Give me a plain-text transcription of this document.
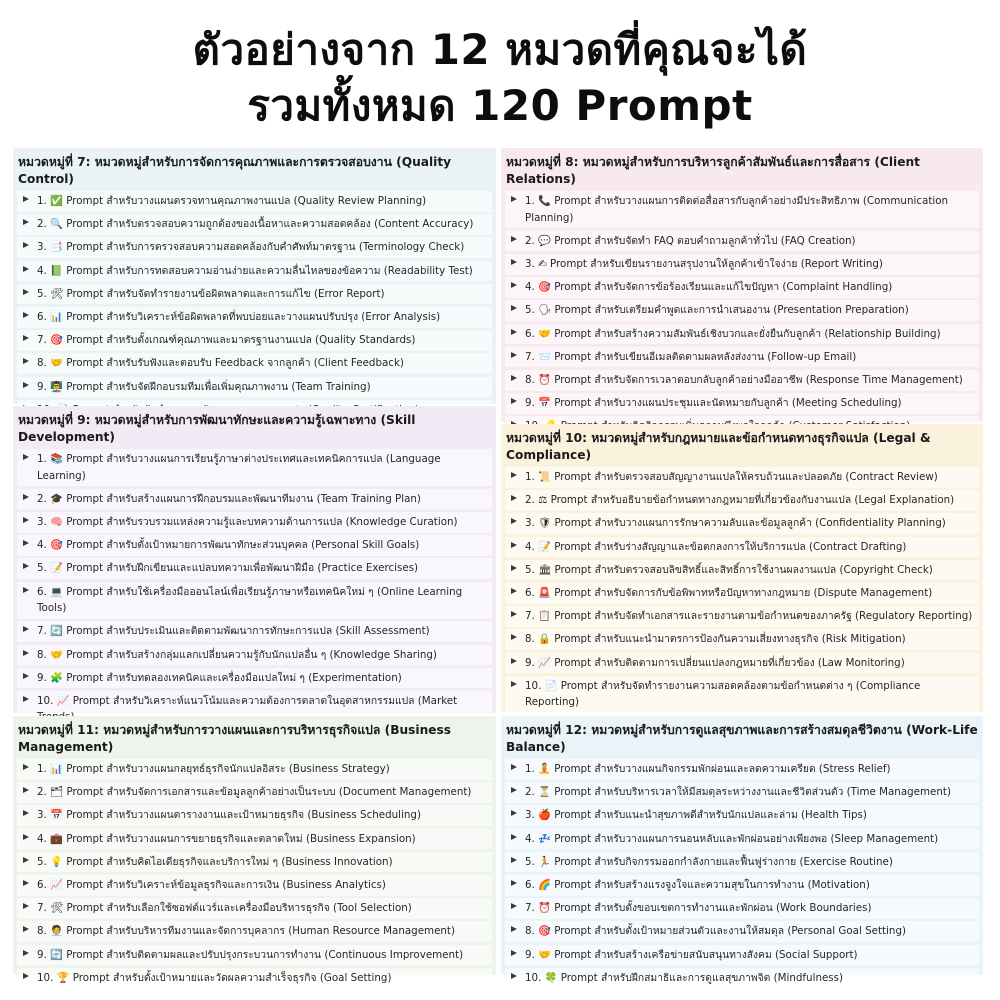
ตัวอย่างจาก 12 หมวดที่คุณจะได้
รวมทั้งหมด 120 Prompt
หมวดหมู่ที่ 7: หมวดหมู่สำหรับการจัดการคุณภาพและการตรวจสอบงาน (Quality Control)
1. ✅ Prompt สำหรับวางแผนตรวจทานคุณภาพงานแปล (Quality Review Planning)
2. 🔍 Prompt สำหรับตรวจสอบความถูกต้องของเนื้อหาและความสอดคล้อง (Content Accuracy)
3. 📑 Prompt สำหรับการตรวจสอบความสอดคล้องกับคำศัพท์มาตรฐาน (Terminology Check)
4. 📗 Prompt สำหรับการทดสอบความอ่านง่ายและความลื่นไหลของข้อความ (Readability Test)
5. 🛠 Prompt สำหรับจัดทำรายงานข้อผิดพลาดและการแก้ไข (Error Report)
6. 📊 Prompt สำหรับวิเคราะห์ข้อผิดพลาดที่พบบ่อยและวางแผนปรับปรุง (Error Analysis)
7. 🎯 Prompt สำหรับตั้งเกณฑ์คุณภาพและมาตรฐานงานแปล (Quality Standards)
8. 🤝 Prompt สำหรับรับฟังและตอบรับ Feedback จากลูกค้า (Client Feedback)
9. 👨‍🏫 Prompt สำหรับจัดฝึกอบรมทีมเพื่อเพิ่มคุณภาพงาน (Team Training)
หมวดหมู่ที่ 8: หมวดหมู่สำหรับการบริหารลูกค้าสัมพันธ์และการสื่อสาร (Client Relations)
1. 📞 Prompt สำหรับวางแผนการติดต่อสื่อสารกับลูกค้าอย่างมีประสิทธิภาพ (Communication Planning)
2. 💬 Prompt สำหรับจัดทำ FAQ ตอบคำถามลูกค้าทั่วไป (FAQ Creation)
3. ✍ Prompt สำหรับเขียนรายงานสรุปงานให้ลูกค้าเข้าใจง่าย (Report Writing)
4. 🎯 Prompt สำหรับจัดการข้อร้องเรียนและแก้ไขปัญหา (Complaint Handling)
5. 🗣 Prompt สำหรับเตรียมคำพูดและการนำเสนองาน (Presentation Preparation)
6. 🤝 Prompt สำหรับสร้างความสัมพันธ์เชิงบวกและยั่งยืนกับลูกค้า (Relationship Building)
7. 📨 Prompt สำหรับเขียนอีเมลติดตามผลหลังส่งงาน (Follow-up Email)
8. ⏰ Prompt สำหรับจัดการเวลาตอบกลับลูกค้าอย่างมืออาชีพ (Response Time Management)
9. 📅 Prompt สำหรับวางแผนประชุมและนัดหมายกับลูกค้า (Meeting Scheduling)
หมวดหมู่ที่ 9: หมวดหมู่สำหรับการพัฒนาทักษะและความรู้เฉพาะทาง (Skill Development)
1. 📚 Prompt สำหรับวางแผนการเรียนรู้ภาษาต่างประเทศและเทคนิคการแปล (Language Learning)
2. 🎓 Prompt สำหรับสร้างแผนการฝึกอบรมและพัฒนาทีมงาน (Team Training Plan)
3. 🧠 Prompt สำหรับรวบรวมแหล่งความรู้และบทความด้านการแปล (Knowledge Curation)
4. 🎯 Prompt สำหรับตั้งเป้าหมายการพัฒนาทักษะส่วนบุคคล (Personal Skill Goals)
5. 📝 Prompt สำหรับฝึกเขียนและแปลบทความเพื่อพัฒนาฝีมือ (Practice Exercises)
6. 💻 Prompt สำหรับใช้เครื่องมือออนไลน์เพื่อเรียนรู้ภาษาหรือเทคนิคใหม่ ๆ (Online Learning Tools)
7. 🔄 Prompt สำหรับประเมินและติดตามพัฒนาการทักษะการแปล (Skill Assessment)
8. 🤝 Prompt สำหรับสร้างกลุ่มแลกเปลี่ยนความรู้กับนักแปลอื่น ๆ (Knowledge Sharing)
9. 🧩 Prompt สำหรับทดลองเทคนิคและเครื่องมือแปลใหม่ ๆ (Experimentation)
10. 📈 Prompt สำหรับวิเคราะห์แนวโน้มและความต้องการตลาดในอุตสาหกรรมแปล (Market
หมวดหมู่ที่ 10: หมวดหมู่สำหรับกฎหมายและข้อกำหนดทางธุรกิจแปล (Legal & Compliance)
1. 📜 Prompt สำหรับตรวจสอบสัญญางานแปลให้ครบถ้วนและปลอดภัย (Contract Review)
2. ⚖ Prompt สำหรับอธิบายข้อกำหนดทางกฎหมายที่เกี่ยวข้องกับงานแปล (Legal Explanation)
3. 🛡 Prompt สำหรับวางแผนการรักษาความลับและข้อมูลลูกค้า (Confidentiality Planning)
4. 📝 Prompt สำหรับร่างสัญญาและข้อตกลงการให้บริการแปล (Contract Drafting)
5. 🏛 Prompt สำหรับตรวจสอบลิขสิทธิ์และสิทธิ์การใช้งานผลงานแปล (Copyright Check)
6. 🚨 Prompt สำหรับจัดการกับข้อพิพาทหรือปัญหาทางกฎหมาย (Dispute Management)
7. 📋 Prompt สำหรับจัดทำเอกสารและรายงานตามข้อกำหนดของภาครัฐ (Regulatory Reporting)
8. 🔒 Prompt สำหรับแนะนำมาตรการป้องกันความเสี่ยงทางธุรกิจ (Risk Mitigation)
9. 📈 Prompt สำหรับติดตามการเปลี่ยนแปลงกฎหมายที่เกี่ยวข้อง (Law Monitoring)
10. 📄 Prompt สำหรับจัดทำรายงานความสอดคล้องตามข้อกำหนดต่าง ๆ (Compliance Reporting)
หมวดหมู่ที่ 11: หมวดหมู่สำหรับการวางแผนและการบริหารธุรกิจแปล (Business Management)
1. 📊 Prompt สำหรับวางแผนกลยุทธ์ธุรกิจนักแปลอิสระ (Business Strategy)
2. 🗂 Prompt สำหรับจัดการเอกสารและข้อมูลลูกค้าอย่างเป็นระบบ (Document Management)
3. 📅 Prompt สำหรับวางแผนตารางงานและเป้าหมายธุรกิจ (Business Scheduling)
4. 💼 Prompt สำหรับวางแผนการขยายธุรกิจและตลาดใหม่ (Business Expansion)
5. 💡 Prompt สำหรับคิดไอเดียธุรกิจและบริการใหม่ ๆ (Business Innovation)
6. 📈 Prompt สำหรับวิเคราะห์ข้อมูลธุรกิจและการเงิน (Business Analytics)
7. 🛠 Prompt สำหรับเลือกใช้ซอฟต์แวร์และเครื่องมือบริหารธุรกิจ (Tool Selection)
8. 🧑‍💼 Prompt สำหรับบริหารทีมงานและจัดการบุคลากร (Human Resource Management)
9. 🔄 Prompt สำหรับติดตามผลและปรับปรุงกระบวนการทำงาน (Continuous Improvement)
10. 🏆 Prompt สำหรับตั้งเป้าหมายและวัดผลความสำเร็จธุรกิจ (Goal Setting)
หมวดหมู่ที่ 12: หมวดหมู่สำหรับการดูแลสุขภาพและการสร้างสมดุลชีวิตงาน (Work-Life Balance)
1. 🧘 Prompt สำหรับวางแผนกิจกรรมพักผ่อนและลดความเครียด (Stress Relief)
2. ⏳ Prompt สำหรับบริหารเวลาให้มีสมดุลระหว่างงานและชีวิตส่วนตัว (Time Management)
3. 🍎 Prompt สำหรับแนะนำสุขภาพดีสำหรับนักแปลและล่าม (Health Tips)
4. 💤 Prompt สำหรับวางแผนการนอนหลับและพักผ่อนอย่างเพียงพอ (Sleep Management)
5. 🏃 Prompt สำหรับกิจกรรมออกกำลังกายและฟื้นฟูร่างกาย (Exercise Routine)
6. 🌈 Prompt สำหรับสร้างแรงจูงใจและความสุขในการทำงาน (Motivation)
7. ⏰ Prompt สำหรับตั้งขอบเขตการทำงานและพักผ่อน (Work Boundaries)
8. 🎯 Prompt สำหรับตั้งเป้าหมายส่วนตัวและงานให้สมดุล (Personal Goal Setting)
9. 🤝 Prompt สำหรับสร้างเครือข่ายสนับสนุนทางสังคม (Social Support)
10. 🍀 Prompt สำหรับฝึกสมาธิและการดูแลสุขภาพจิต (Mindfulness)
